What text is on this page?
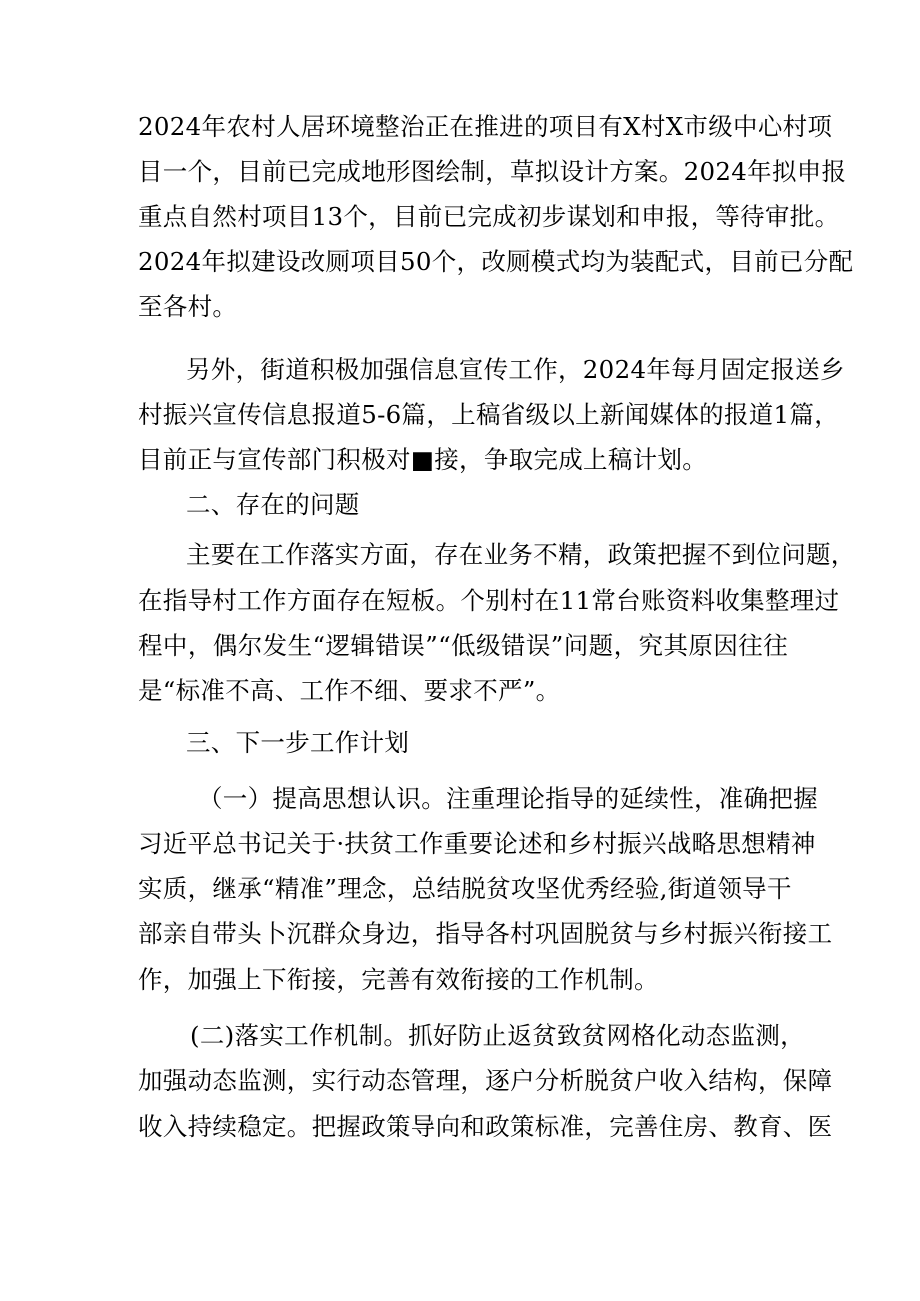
2024年农村人居环境整治正在推进的项目有X村X市级中心村项
目一个，目前已完成地形图绘制，草拟设计方案。2024年拟申报
重点自然村项目13个，目前已完成初步谋划和申报，等待审批。
2024年拟建设改厕项目50个，改厕模式均为装配式，目前已分配
至各村。
另外，街道积极加强信息宣传工作，2024年每月固定报送乡
村振兴宣传信息报道5-6篇，上稿省级以上新闻媒体的报道1篇，
目前正与宣传部门积极对■接，争取完成上稿计划。
二、存在的问题
主要在工作落实方面，存在业务不精，政策把握不到位问题，
在指导村工作方面存在短板。个别村在11常台账资料收集整理过
程中，偶尔发生“逻辑错误”“低级错误”问题，究其原因往往
是“标准不高、工作不细、要求不严”。
三、下一步工作计划
（一）提高思想认识。注重理论指导的延续性，准确把握
习近平总书记关于·扶贫工作重要论述和乡村振兴战略思想精神
实质，继承“精准”理念，总结脱贫攻坚优秀经验,街道领导干
部亲自带头卜沉群众身边，指导各村巩固脱贫与乡村振兴衔接工
作，加强上下衔接，完善有效衔接的工作机制。
(二)落实工作机制。抓好防止返贫致贫网格化动态监测，
加强动态监测，实行动态管理，逐户分析脱贫户收入结构，保障
收入持续稳定。把握政策导向和政策标准，完善住房、教育、医
